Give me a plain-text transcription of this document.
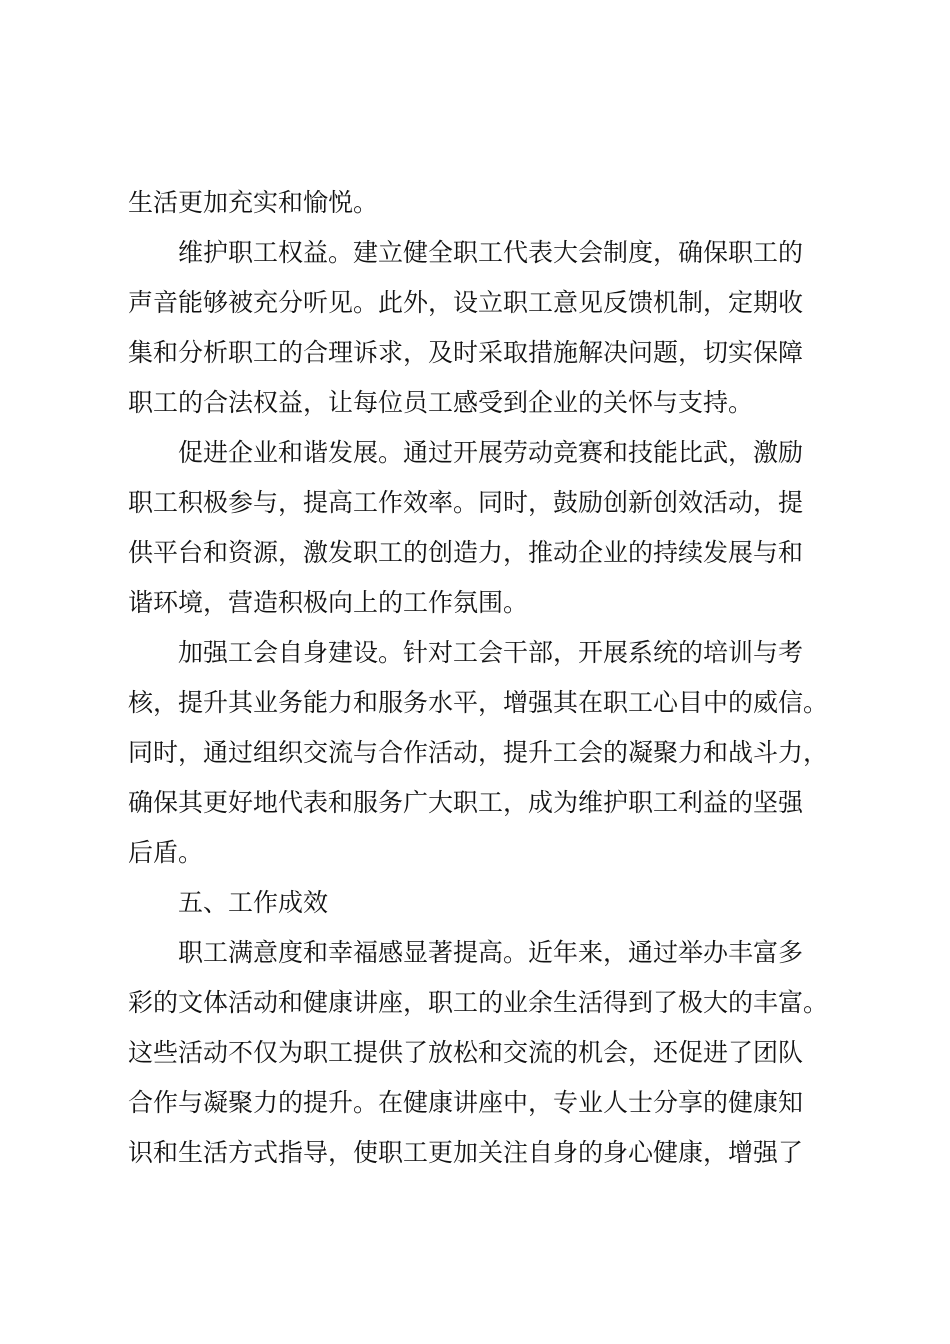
生活更加充实和愉悦。
维护职工权益。建立健全职工代表大会制度，确保职工的
声音能够被充分听见。此外，设立职工意见反馈机制，定期收
集和分析职工的合理诉求，及时采取措施解决问题，切实保障
职工的合法权益，让每位员工感受到企业的关怀与支持。
促进企业和谐发展。通过开展劳动竞赛和技能比武，激励
职工积极参与，提高工作效率。同时，鼓励创新创效活动，提
供平台和资源，激发职工的创造力，推动企业的持续发展与和
谐环境，营造积极向上的工作氛围。
加强工会自身建设。针对工会干部，开展系统的培训与考
核，提升其业务能力和服务水平，增强其在职工心目中的威信。
同时，通过组织交流与合作活动，提升工会的凝聚力和战斗力，
确保其更好地代表和服务广大职工，成为维护职工利益的坚强
后盾。
五、工作成效
职工满意度和幸福感显著提高。近年来，通过举办丰富多
彩的文体活动和健康讲座，职工的业余生活得到了极大的丰富。
这些活动不仅为职工提供了放松和交流的机会，还促进了团队
合作与凝聚力的提升。在健康讲座中，专业人士分享的健康知
识和生活方式指导，使职工更加关注自身的身心健康，增强了
